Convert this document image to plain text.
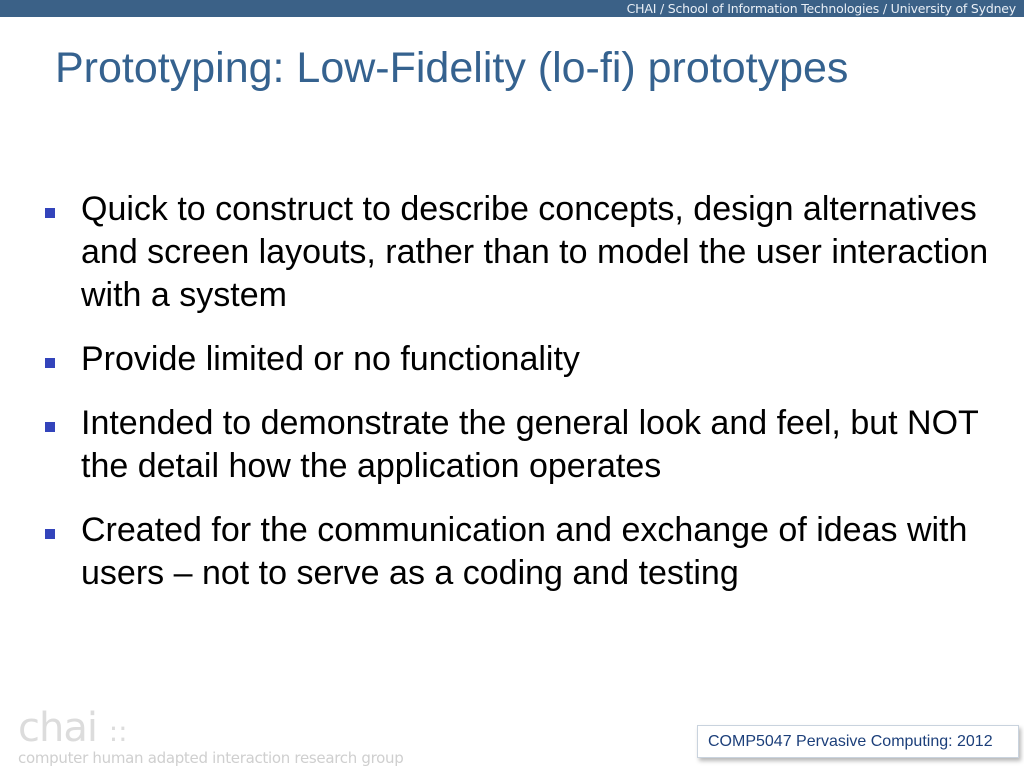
CHAI / School of Information Technologies / University of Sydney
Prototyping: Low-Fidelity (lo-fi) prototypes
Quick to construct to describe concepts, design alternatives and screen layouts, rather than to model the user interaction with a system
Provide limited or no functionality
Intended to demonstrate the general look and feel, but NOT the detail how the application operates
Created for the communication and exchange of ideas with users – not to serve as a coding and testing
chai ::
computer human adapted interaction research group
COMP5047 Pervasive Computing: 2012
